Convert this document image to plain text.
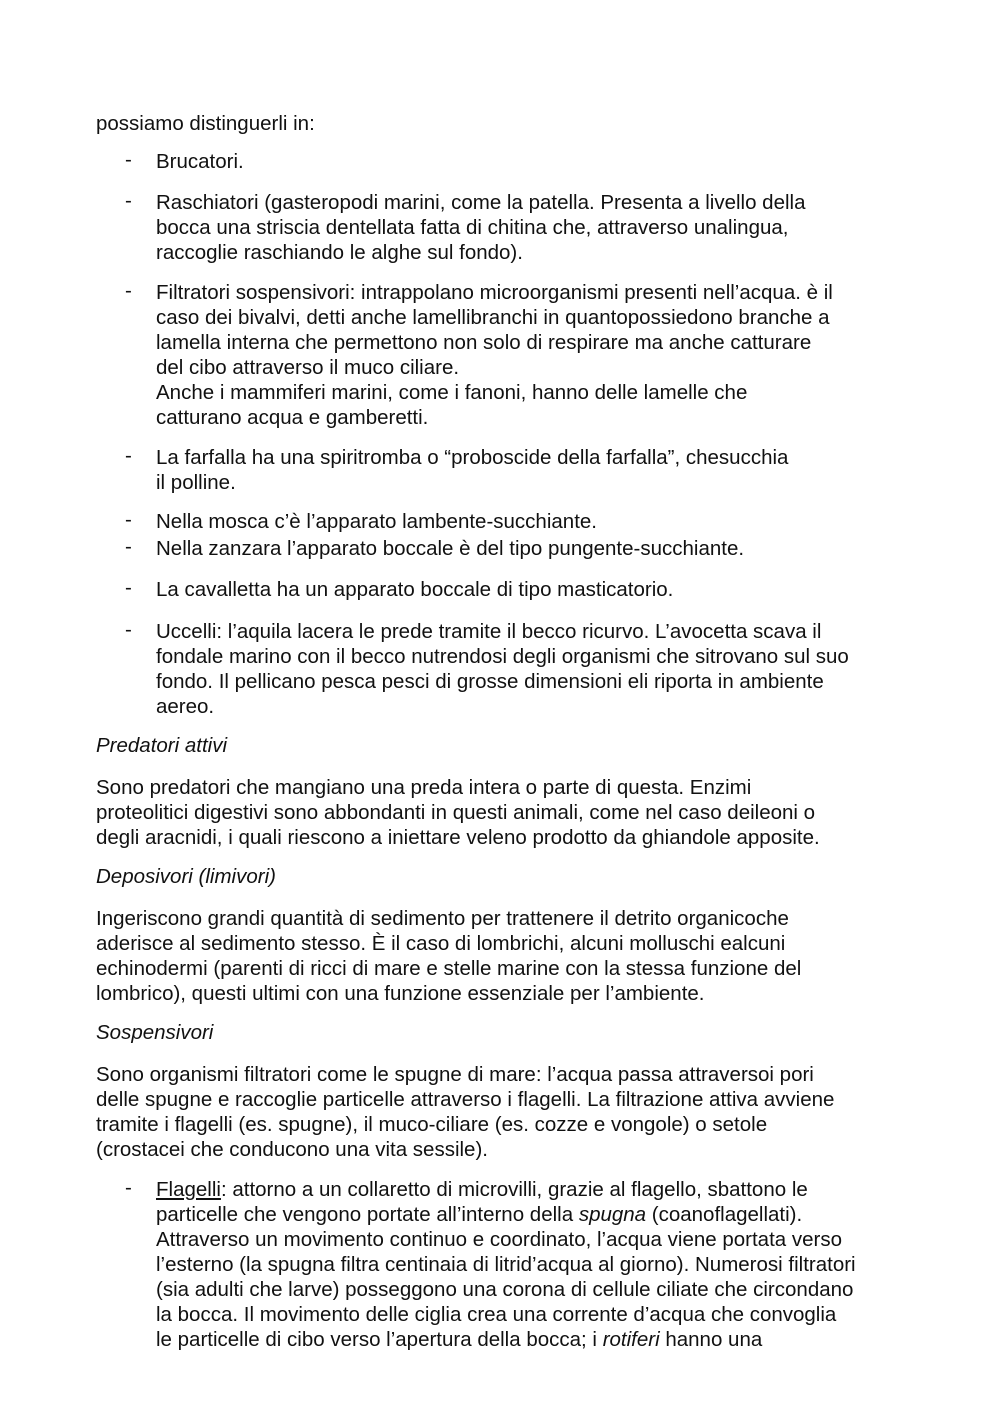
possiamo distinguerli in:
- Brucatori.
- Raschiatori (gasteropodi marini, come la patella. Presenta a livello della
bocca una striscia dentellata fatta di chitina che, attraverso unalingua,
raccoglie raschiando le alghe sul fondo).
- Filtratori sospensivori: intrappolano microorganismi presenti nell’acqua. è il
caso dei bivalvi, detti anche lamellibranchi in quantopossiedono branche a
lamella interna che permettono non solo di respirare ma anche catturare
del cibo attraverso il muco ciliare.
Anche i mammiferi marini, come i fanoni, hanno delle lamelle che
catturano acqua e gamberetti.
- La farfalla ha una spiritromba o “proboscide della farfalla”, chesucchia
il polline.
- Nella mosca c’è l’apparato lambente-succhiante.
- Nella zanzara l’apparato boccale è del tipo pungente-succhiante.
- La cavalletta ha un apparato boccale di tipo masticatorio.
- Uccelli: l’aquila lacera le prede tramite il becco ricurvo. L’avocetta scava il
fondale marino con il becco nutrendosi degli organismi che sitrovano sul suo
fondo. Il pellicano pesca pesci di grosse dimensioni eli riporta in ambiente
aereo.
Predatori attivi
Sono predatori che mangiano una preda intera o parte di questa. Enzimi
proteolitici digestivi sono abbondanti in questi animali, come nel caso deileoni o
degli aracnidi, i quali riescono a iniettare veleno prodotto da ghiandole apposite.
Deposivori (limivori)
Ingeriscono grandi quantità di sedimento per trattenere il detrito organicoche
aderisce al sedimento stesso. È il caso di lombrichi, alcuni molluschi ealcuni
echinodermi (parenti di ricci di mare e stelle marine con la stessa funzione del
lombrico), questi ultimi con una funzione essenziale per l’ambiente.
Sospensivori
Sono organismi filtratori come le spugne di mare: l’acqua passa attraversoi pori
delle spugne e raccoglie particelle attraverso i flagelli. La filtrazione attiva avviene
tramite i flagelli (es. spugne), il muco-ciliare (es. cozze e vongole) o setole
(crostacei che conducono una vita sessile).
- Flagelli: attorno a un collaretto di microvilli, grazie al flagello, sbattono le
particelle che vengono portate all’interno della spugna (coanoflagellati).
Attraverso un movimento continuo e coordinato, l’acqua viene portata verso
l’esterno (la spugna filtra centinaia di litrid’acqua al giorno). Numerosi filtratori
(sia adulti che larve) posseggono una corona di cellule ciliate che circondano
la bocca. Il movimento delle ciglia crea una corrente d’acqua che convoglia
le particelle di cibo verso l’apertura della bocca; i rotiferi hanno una
